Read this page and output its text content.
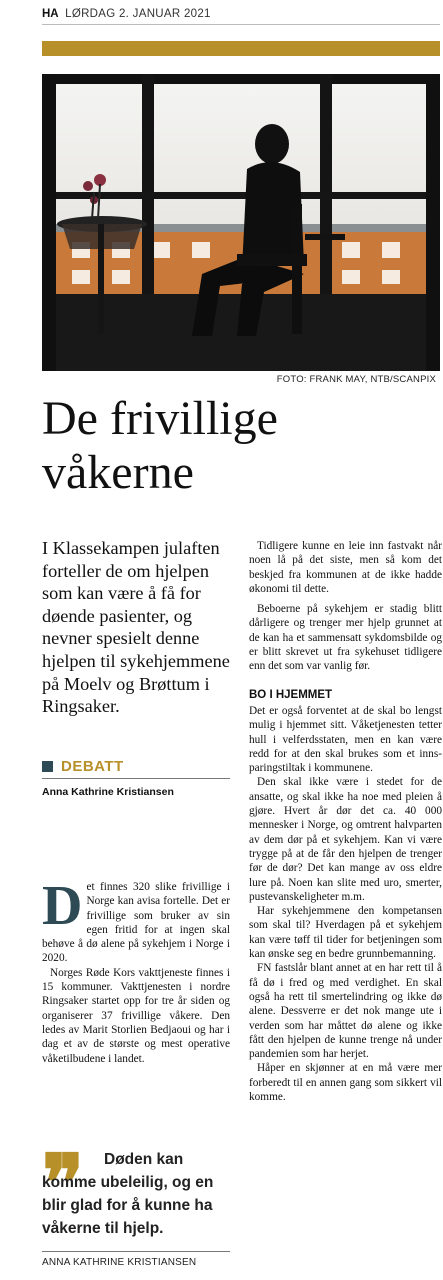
HA LØRDAG 2. JANUAR 2021
FOTO: FRANK MAY, NTB/SCANPIX
De frivillige
våkerne

I Klassekampen julaften forteller de om hjelpen som kan være å få for døende pasienter, og nevner spesielt denne hjelpen til sykehjemmene på Moelv og Brøttum i Ringsaker.

DEBATT
Anna Kathrine Kristiansen

Det finnes 320 slike frivillige i Norge kan avisa fortelle. Det er frivillige som bruker av sin egen fritid for at ingen skal behøve å dø alene på sykehjem i Norge i 2020.

Norges Røde Kors vakttjeneste finnes i 15 kommuner. Vakttjenesten i nordre Ringsaker startet opp for tre år siden og organiserer 37 frivillige våkere. Den ledes av Marit Storlien Bedjaoui og har i dag et av de største og mest operative våketilbudene i landet.

❞	Døden kan komme ubeleilig, og en blir glad for å kunne ha våkerne til hjelp.

ANNA KATHRINE KRISTIANSEN

Tidligere kunne en leie inn fastvakt når noen lå på det siste, men så kom det beskjed fra kommunen at de ikke hadde økonomi til dette.

Beboerne på sykehjem er stadig blitt dårligere og trenger mer hjelp grunnet at de kan ha et sammensatt sykdomsbilde og er blitt skrevet ut fra sykehuset tidligere enn det som var vanlig før.

BO I HJEMMET

Det er også forventet at de skal bo lengst mulig i hjemmet sitt. Våketjenesten tetter hull i velferdsstaten, men en kan være redd for at den skal brukes som et innsparingstiltak i kommunene.

Den skal ikke være i stedet for de ansatte, og skal ikke ha noe med pleien å gjøre. Hvert år dør det ca. 40 000 mennesker i Norge, og omtrent halvparten av dem dør på et sykehjem. Kan vi være trygge på at de får den hjelpen de trenger før de dør? Det kan mange av oss eldre lure på. Noen kan slite med uro, smerter, pustevanskeligheter m.m.

Har sykehjemmene den kompetansen som skal til? Hverdagen på et sykehjem kan være tøff til tider for betjeningen som kan ønske seg en bedre grunnbemanning.

FN fastslår blant annet at en har rett til å få dø i fred og med verdighet. En skal også ha rett til smertelindring og ikke dø alene. Dessverre er det nok mange ute i verden som har måttet dø alene og ikke fått den hjelpen de kunne trenge nå under pandemien som har herjet.

Håper en skjønner at en må være mer forberedt til en annen gang som sikkert vil komme.
